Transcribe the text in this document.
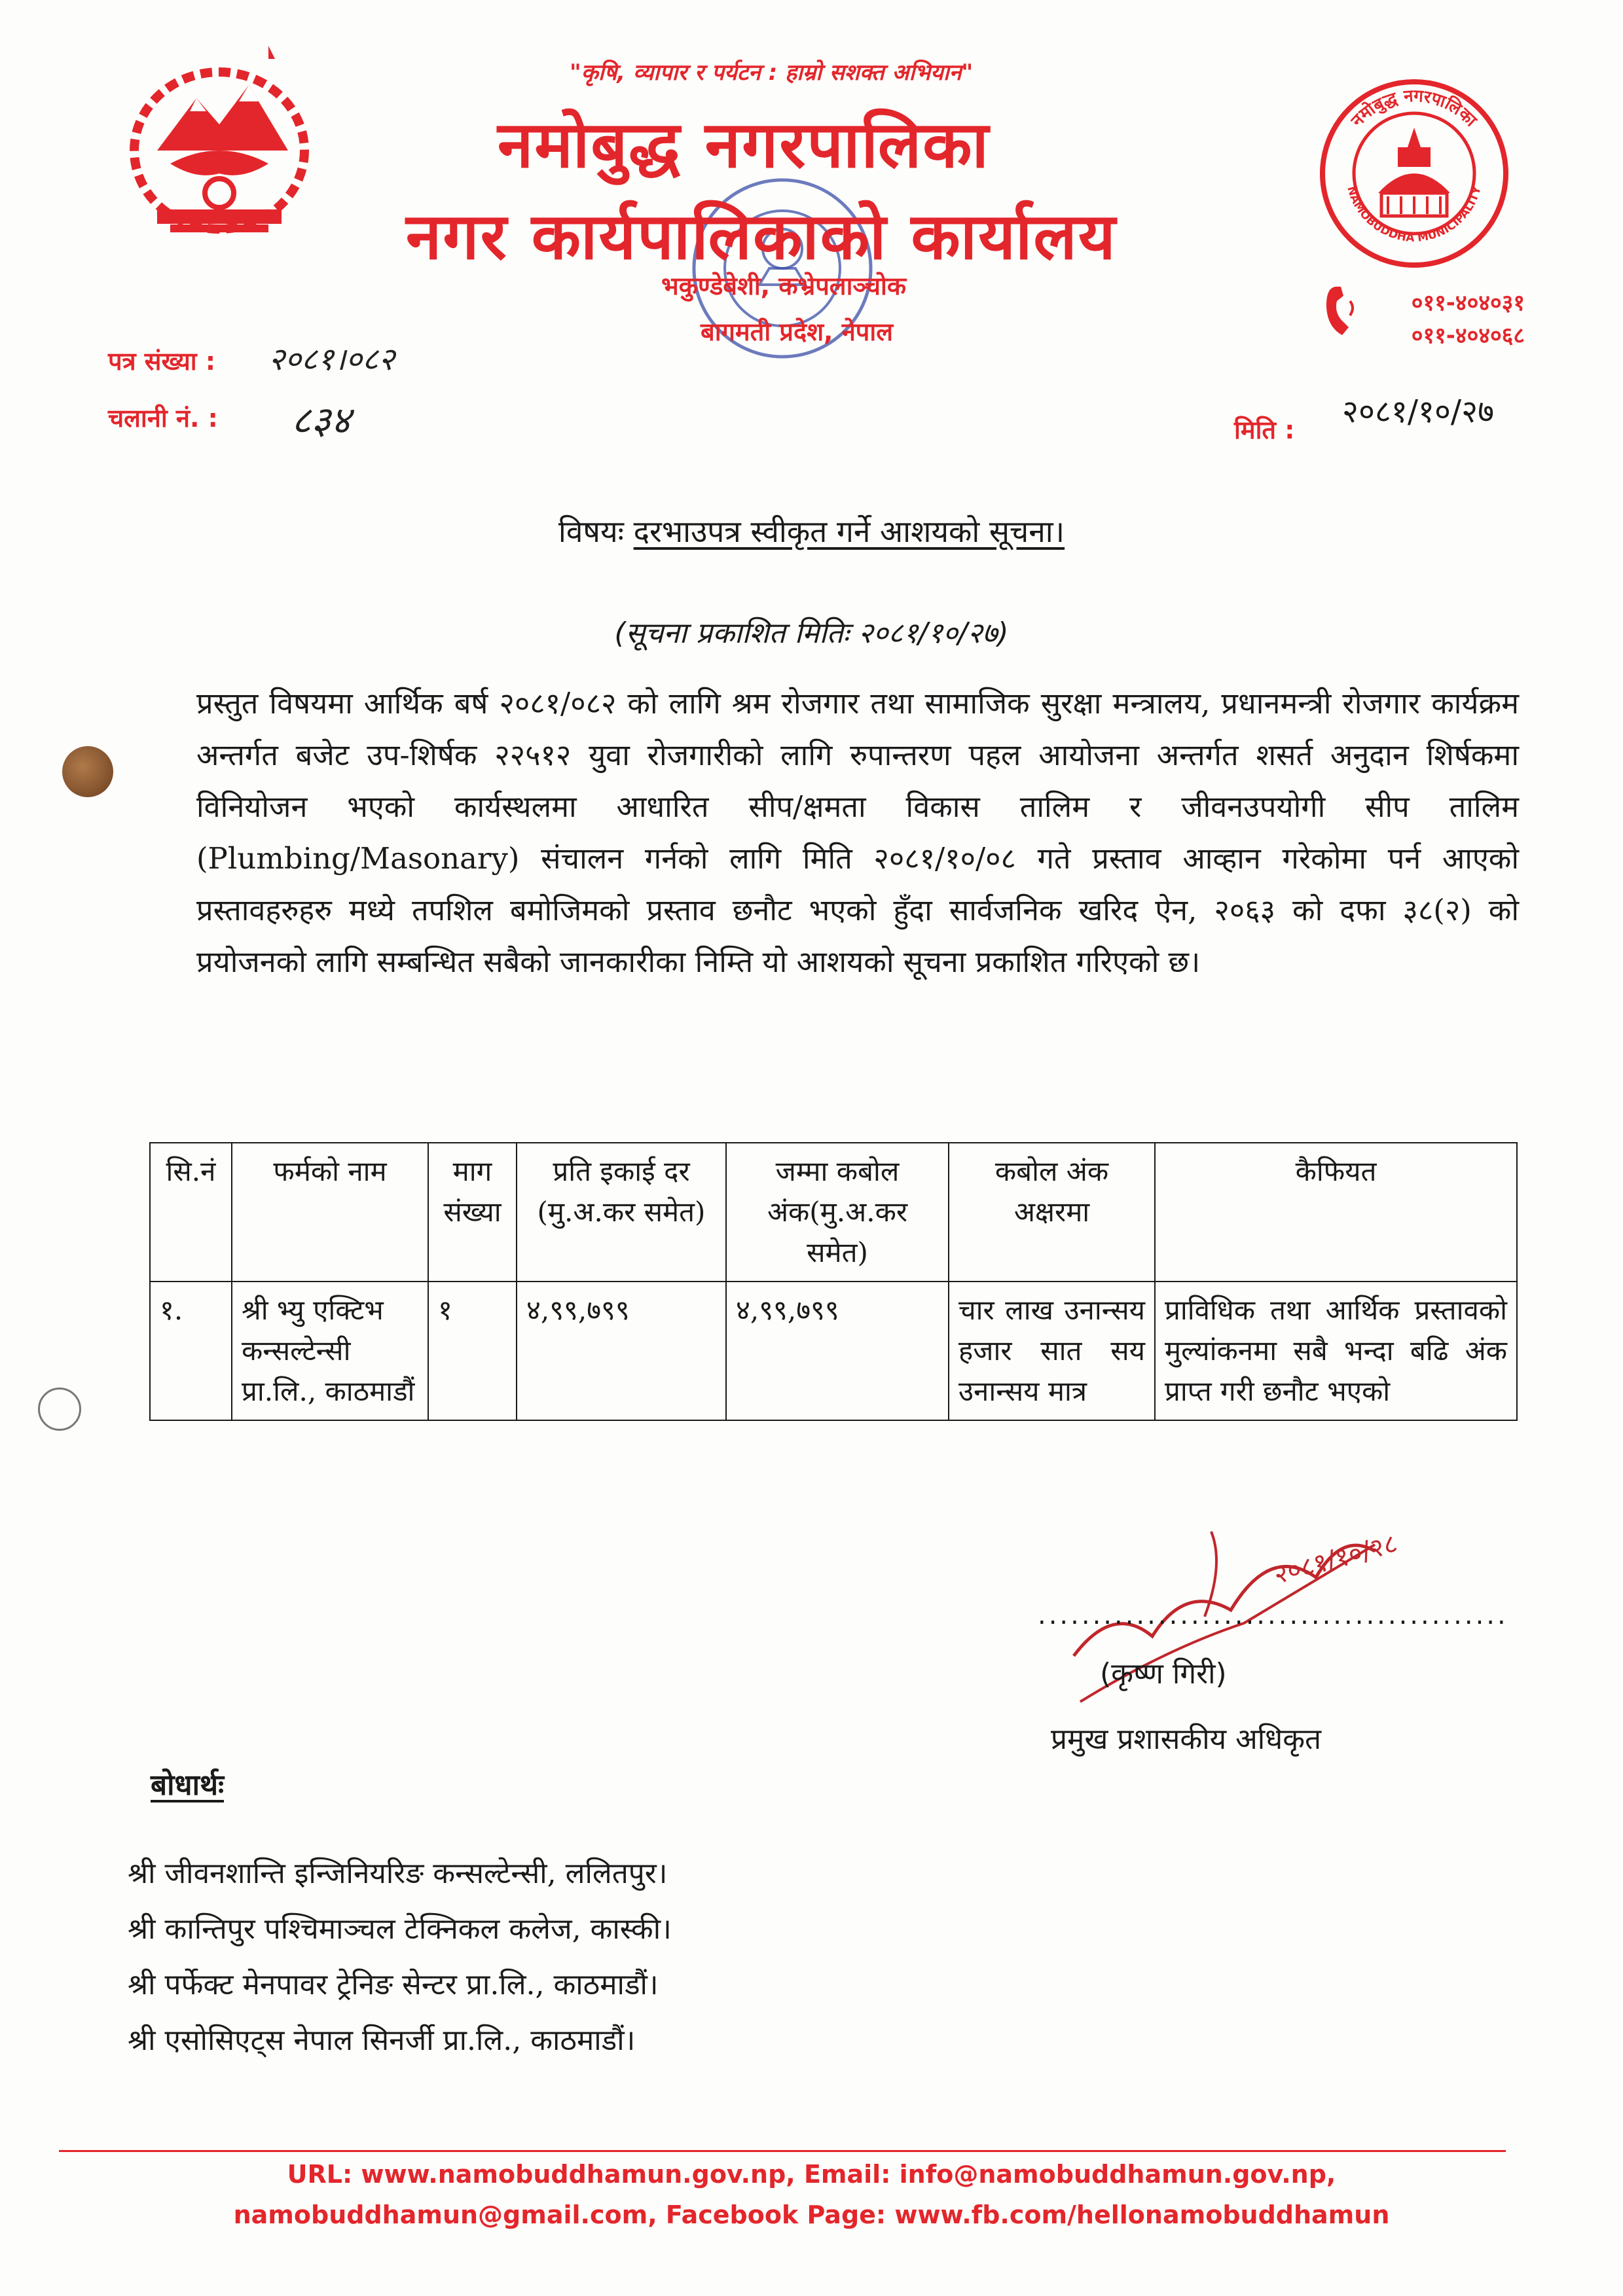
नमोबुद्ध नगरपालिका
NAMOBUDDHA MUNICIPALITY
"कृषि, व्यापार र पर्यटन : हाम्रो सशक्त अभियान"
नमोबुद्ध नगरपालिका
नगर कार्यपालिकाको कार्यालय
भकुण्डेबेशी, कभ्रेपलाञ्चोक
बागमती प्रदेश, नेपाल
०११-४०४०३१
०११-४०४०६८
पत्र संख्या : २०८१।०८२
चलानी नं. : ८३४	मिति : २०८१/१०/२७
विषयः दरभाउपत्र स्वीकृत गर्ने आशयको सूचना।
(सूचना प्रकाशित मितिः २०८१/१०/२७)
प्रस्तुत विषयमा आर्थिक बर्ष २०८१/०८२ को लागि श्रम रोजगार तथा सामाजिक सुरक्षा मन्त्रालय, प्रधानमन्त्री रोजगार कार्यक्रम अन्तर्गत बजेट उप-शिर्षक २२५१२ युवा रोजगारीको लागि रुपान्तरण पहल आयोजना अन्तर्गत शसर्त अनुदान शिर्षकमा विनियोजन भएको कार्यस्थलमा आधारित सीप/क्षमता विकास तालिम र जीवनउपयोगी सीप तालिम (Plumbing/Masonary) संचालन गर्नको लागि मिति २०८१/१०/०८ गते प्रस्ताव आव्हान गरेकोमा पर्न आएको प्रस्तावहरुहरु मध्ये तपशिल बमोजिमको प्रस्ताव छनौट भएको हुँदा सार्वजनिक खरिद ऐन, २०६३ को दफा ३८(२) को प्रयोजनको लागि सम्बन्धित सबैको जानकारीका निम्ति यो आशयको सूचना प्रकाशित गरिएको छ।
सि.नं	फर्मको नाम	माग संख्या	प्रति इकाई दर (मु.अ.कर समेत)	जम्मा कबोल अंक(मु.अ.कर समेत)	कबोल अंक अक्षरमा	कैफियत
१.	श्री भ्यु एक्टिभ कन्सल्टेन्सी प्रा.लि., काठमाडौं	१	४,९९,७९९	४,९९,७९९	चार लाख उनान्सय हजार सात सय उनान्सय मात्र	प्राविधिक तथा आर्थिक प्रस्तावको मुल्यांकनमा सबै भन्दा बढि अंक प्राप्त गरी छनौट भएको
२०८१/१०/२८
...........................................
(कृष्ण गिरी)
प्रमुख प्रशासकीय अधिकृत
बोधार्थः
श्री जीवनशान्ति इन्जिनियरिङ कन्सल्टेन्सी, ललितपुर।
श्री कान्तिपुर पश्चिमाञ्चल टेक्निकल कलेज, कास्की।
श्री पर्फेक्ट मेनपावर ट्रेनिङ सेन्टर प्रा.लि., काठमाडौं।
श्री एसोसिएट्स नेपाल सिनर्जी प्रा.लि., काठमाडौं।
URL: www.namobuddhamun.gov.np, Email: info@namobuddhamun.gov.np,
namobuddhamun@gmail.com, Facebook Page: www.fb.com/hellonamobuddhamun
